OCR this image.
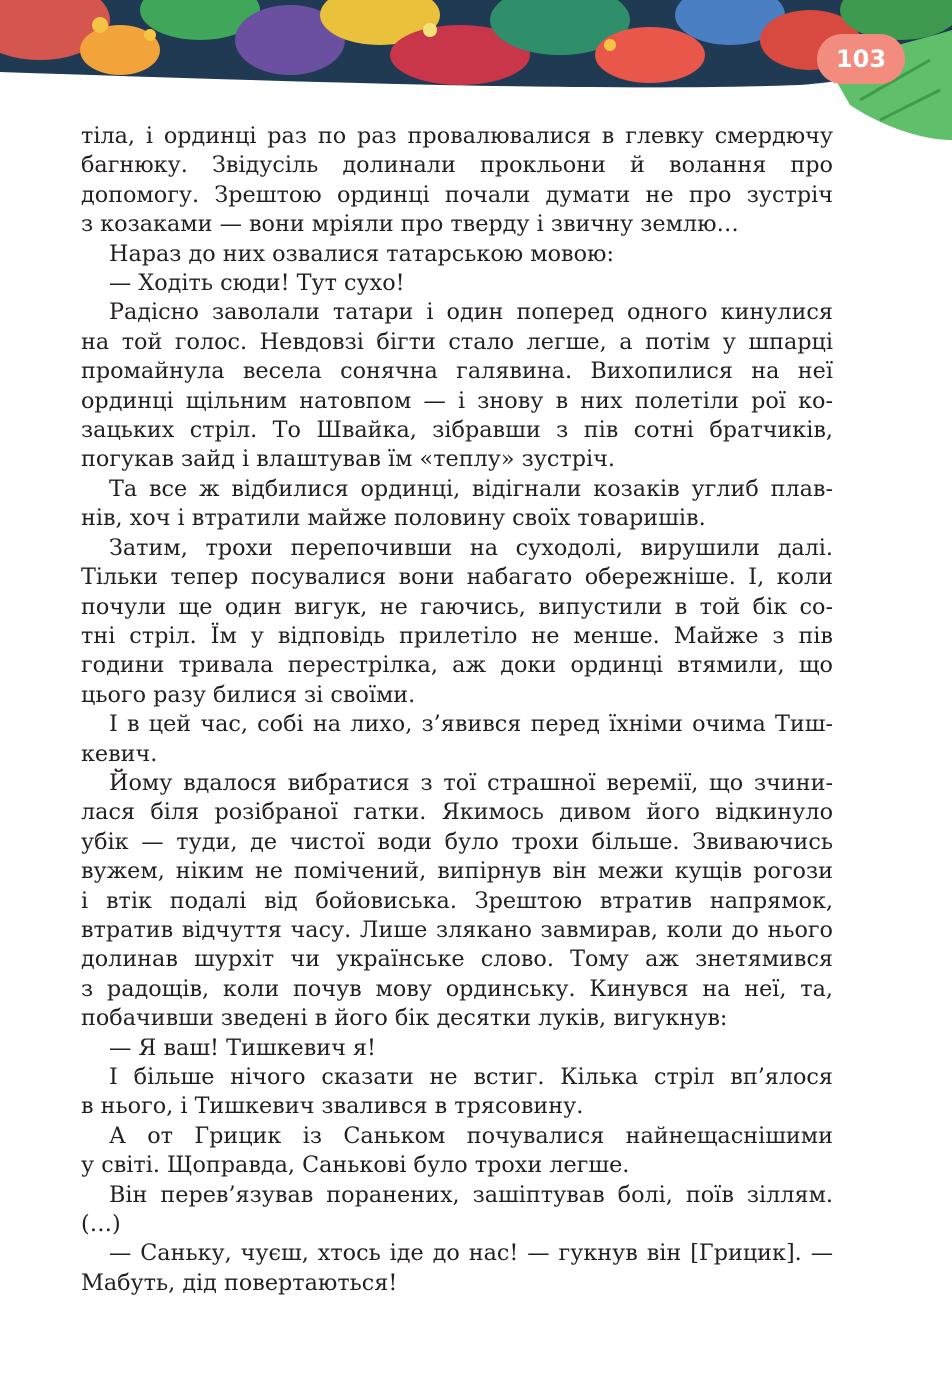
103

тіла, і ординці раз по раз провалювалися в глевку смердючу

багнюку. Звідусіль долинали прокльони й волання про

допомогу. Зрештою ординці почали думати не про зустріч

з козаками — вони мріяли про тверду і звичну землю…

Нараз до них озвалися татарською мовою:

— Ходіть сюди! Тут сухо!

Радісно заволали татари і один поперед одного кинулися

на той голос. Невдовзі бігти стало легше, а потім у шпарці

промайнула весела сонячна галявина. Вихопилися на неї

ординці щільним натовпом — і знову в них полетіли рої ко-

зацьких стріл. То Швайка, зібравши з пів сотні братчиків,

погукав зайд і влаштував їм «теплу» зустріч.

Та все ж відбилися ординці, відігнали козаків углиб плав-

нів, хоч і втратили майже половину своїх товаришів.

Затим, трохи перепочивши на суходолі, вирушили далі.

Тільки тепер посувалися вони набагато обережніше. І, коли

почули ще один вигук, не гаючись, випустили в той бік со-

тні стріл. Їм у відповідь прилетіло не менше. Майже з пів

години тривала перестрілка, аж доки ординці втямили, що

цього разу билися зі своїми.

І в цей час, собі на лихо, з’явився перед їхніми очима Тиш-

кевич.

Йому вдалося вибратися з тої страшної веремії, що зчини-

лася біля розібраної гатки. Якимось дивом його відкинуло

убік — туди, де чистої води було трохи більше. Звиваючись

вужем, ніким не помічений, випірнув він межи кущів рогози

і втік подалі від бойовиська. Зрештою втратив напрямок,

втратив відчуття часу. Лише злякано завмирав, коли до нього

долинав шурхіт чи українське слово. Тому аж знетямився

з радощів, коли почув мову ординську. Кинувся на неї, та,

побачивши зведені в його бік десятки луків, вигукнув:

— Я ваш! Тишкевич я!

І більше нічого сказати не встиг. Кілька стріл вп’ялося

в нього, і Тишкевич звалився в трясовину.

А от Грицик із Саньком почувалися найнещаснішими

у світі. Щоправда, Санькові було трохи легше.

Він перев’язував поранених, зашіптував болі, поїв зіллям. (…)

— Саньку, чуєш, хтось іде до нас! — гукнув він [Грицик]. —

Мабуть, дід повертаються!
